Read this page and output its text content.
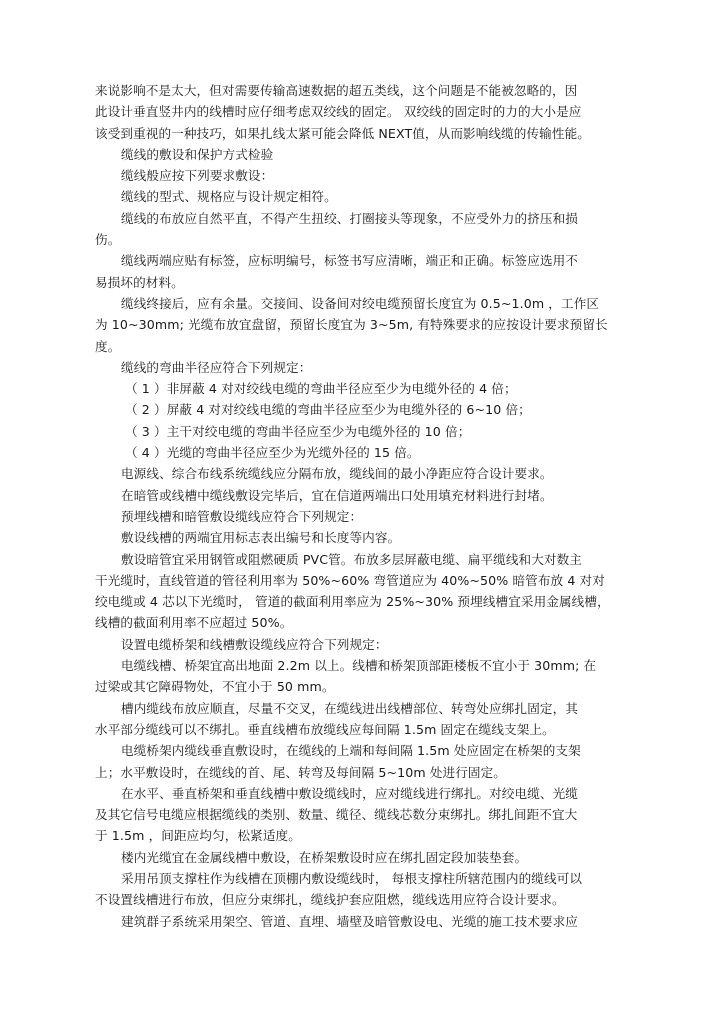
来说影响不是太大，但对需要传输高速数据的超五类线，这个问题是不能被忽略的，因
此设计垂直竖井内的线槽时应仔细考虑双绞线的固定。 双绞线的固定时的力的大小是应
该受到重视的一种技巧，如果扎线太紧可能会降低 NEXT值，从而影响线缆的传输性能。
缆线的敷设和保护方式检验
缆线般应按下列要求敷设：
缆线的型式、规格应与设计规定相符。
缆线的布放应自然平直，不得产生扭绞、打圈接头等现象，不应受外力的挤压和损
伤。
缆线两端应贴有标签，应标明编号，标签书写应清晰，端正和正确。标签应选用不
易损坏的材料。
缆线终接后，应有余量。交接间、设备间对绞电缆预留长度宜为 0.5~1.0m ，工作区
为 10~30mm; 光缆布放宜盘留，预留长度宜为 3~5m, 有特殊要求的应按设计要求预留长
度。
缆线的弯曲半径应符合下列规定：
（ 1 ）非屏蔽 4 对对绞线电缆的弯曲半径应至少为电缆外径的 4 倍；
（ 2 ）屏蔽 4 对对绞线电缆的弯曲半径应至少为电缆外径的 6~10 倍；
（ 3 ）主干对绞电缆的弯曲半径应至少为电缆外径的 10 倍；
（ 4 ）光缆的弯曲半径应至少为光缆外径的 15 倍。
电源线、综合布线系统缆线应分隔布放，缆线间的最小净距应符合设计要求。
在暗管或线槽中缆线敷设完毕后，宜在信道两端出口处用填充材料进行封堵。
预埋线槽和暗管敷设缆线应符合下列规定：
敷设线槽的两端宜用标志表出编号和长度等内容。
敷设暗管宜采用钢管或阻燃硬质 PVC管。布放多层屏蔽电缆、扁平缆线和大对数主
干光缆时，直线管道的管径利用率为 50%~60% 弯管道应为 40%~50% 暗管布放 4 对对
绞电缆或 4 芯以下光缆时， 管道的截面利用率应为 25%~30% 预埋线槽宜采用金属线槽，
线槽的截面利用率不应超过 50%。
设置电缆桥架和线槽敷设缆线应符合下列规定：
电缆线槽、桥架宜高出地面 2.2m 以上。线槽和桥架顶部距楼板不宜小于 30mm; 在
过梁或其它障碍物处，不宜小于 50 mm。
槽内缆线布放应顺直，尽量不交叉，在缆线进出线槽部位、转弯处应绑扎固定，其
水平部分缆线可以不绑扎。垂直线槽布放缆线应每间隔 1.5m 固定在缆线支架上。
电缆桥架内缆线垂直敷设时，在缆线的上端和每间隔 1.5m 处应固定在桥架的支架
上；水平敷设时，在缆线的首、尾、转弯及每间隔 5~10m 处进行固定。
在水平、垂直桥架和垂直线槽中敷设缆线时，应对缆线进行绑扎。对绞电缆、光缆
及其它信号电缆应根据缆线的类别、数量、缆径、缆线芯数分束绑扎。绑扎间距不宜大
于 1.5m ，间距应均匀，松紧适度。
楼内光缆宜在金属线槽中敷设，在桥架敷设时应在绑扎固定段加装垫套。
采用吊顶支撑柱作为线槽在顶棚内敷设缆线时， 每根支撑柱所辖范围内的缆线可以
不设置线槽进行布放，但应分束绑扎，缆线护套应阻燃，缆线选用应符合设计要求。
建筑群子系统采用架空、管道、直埋、墙壁及暗管敷设电、光缆的施工技术要求应
